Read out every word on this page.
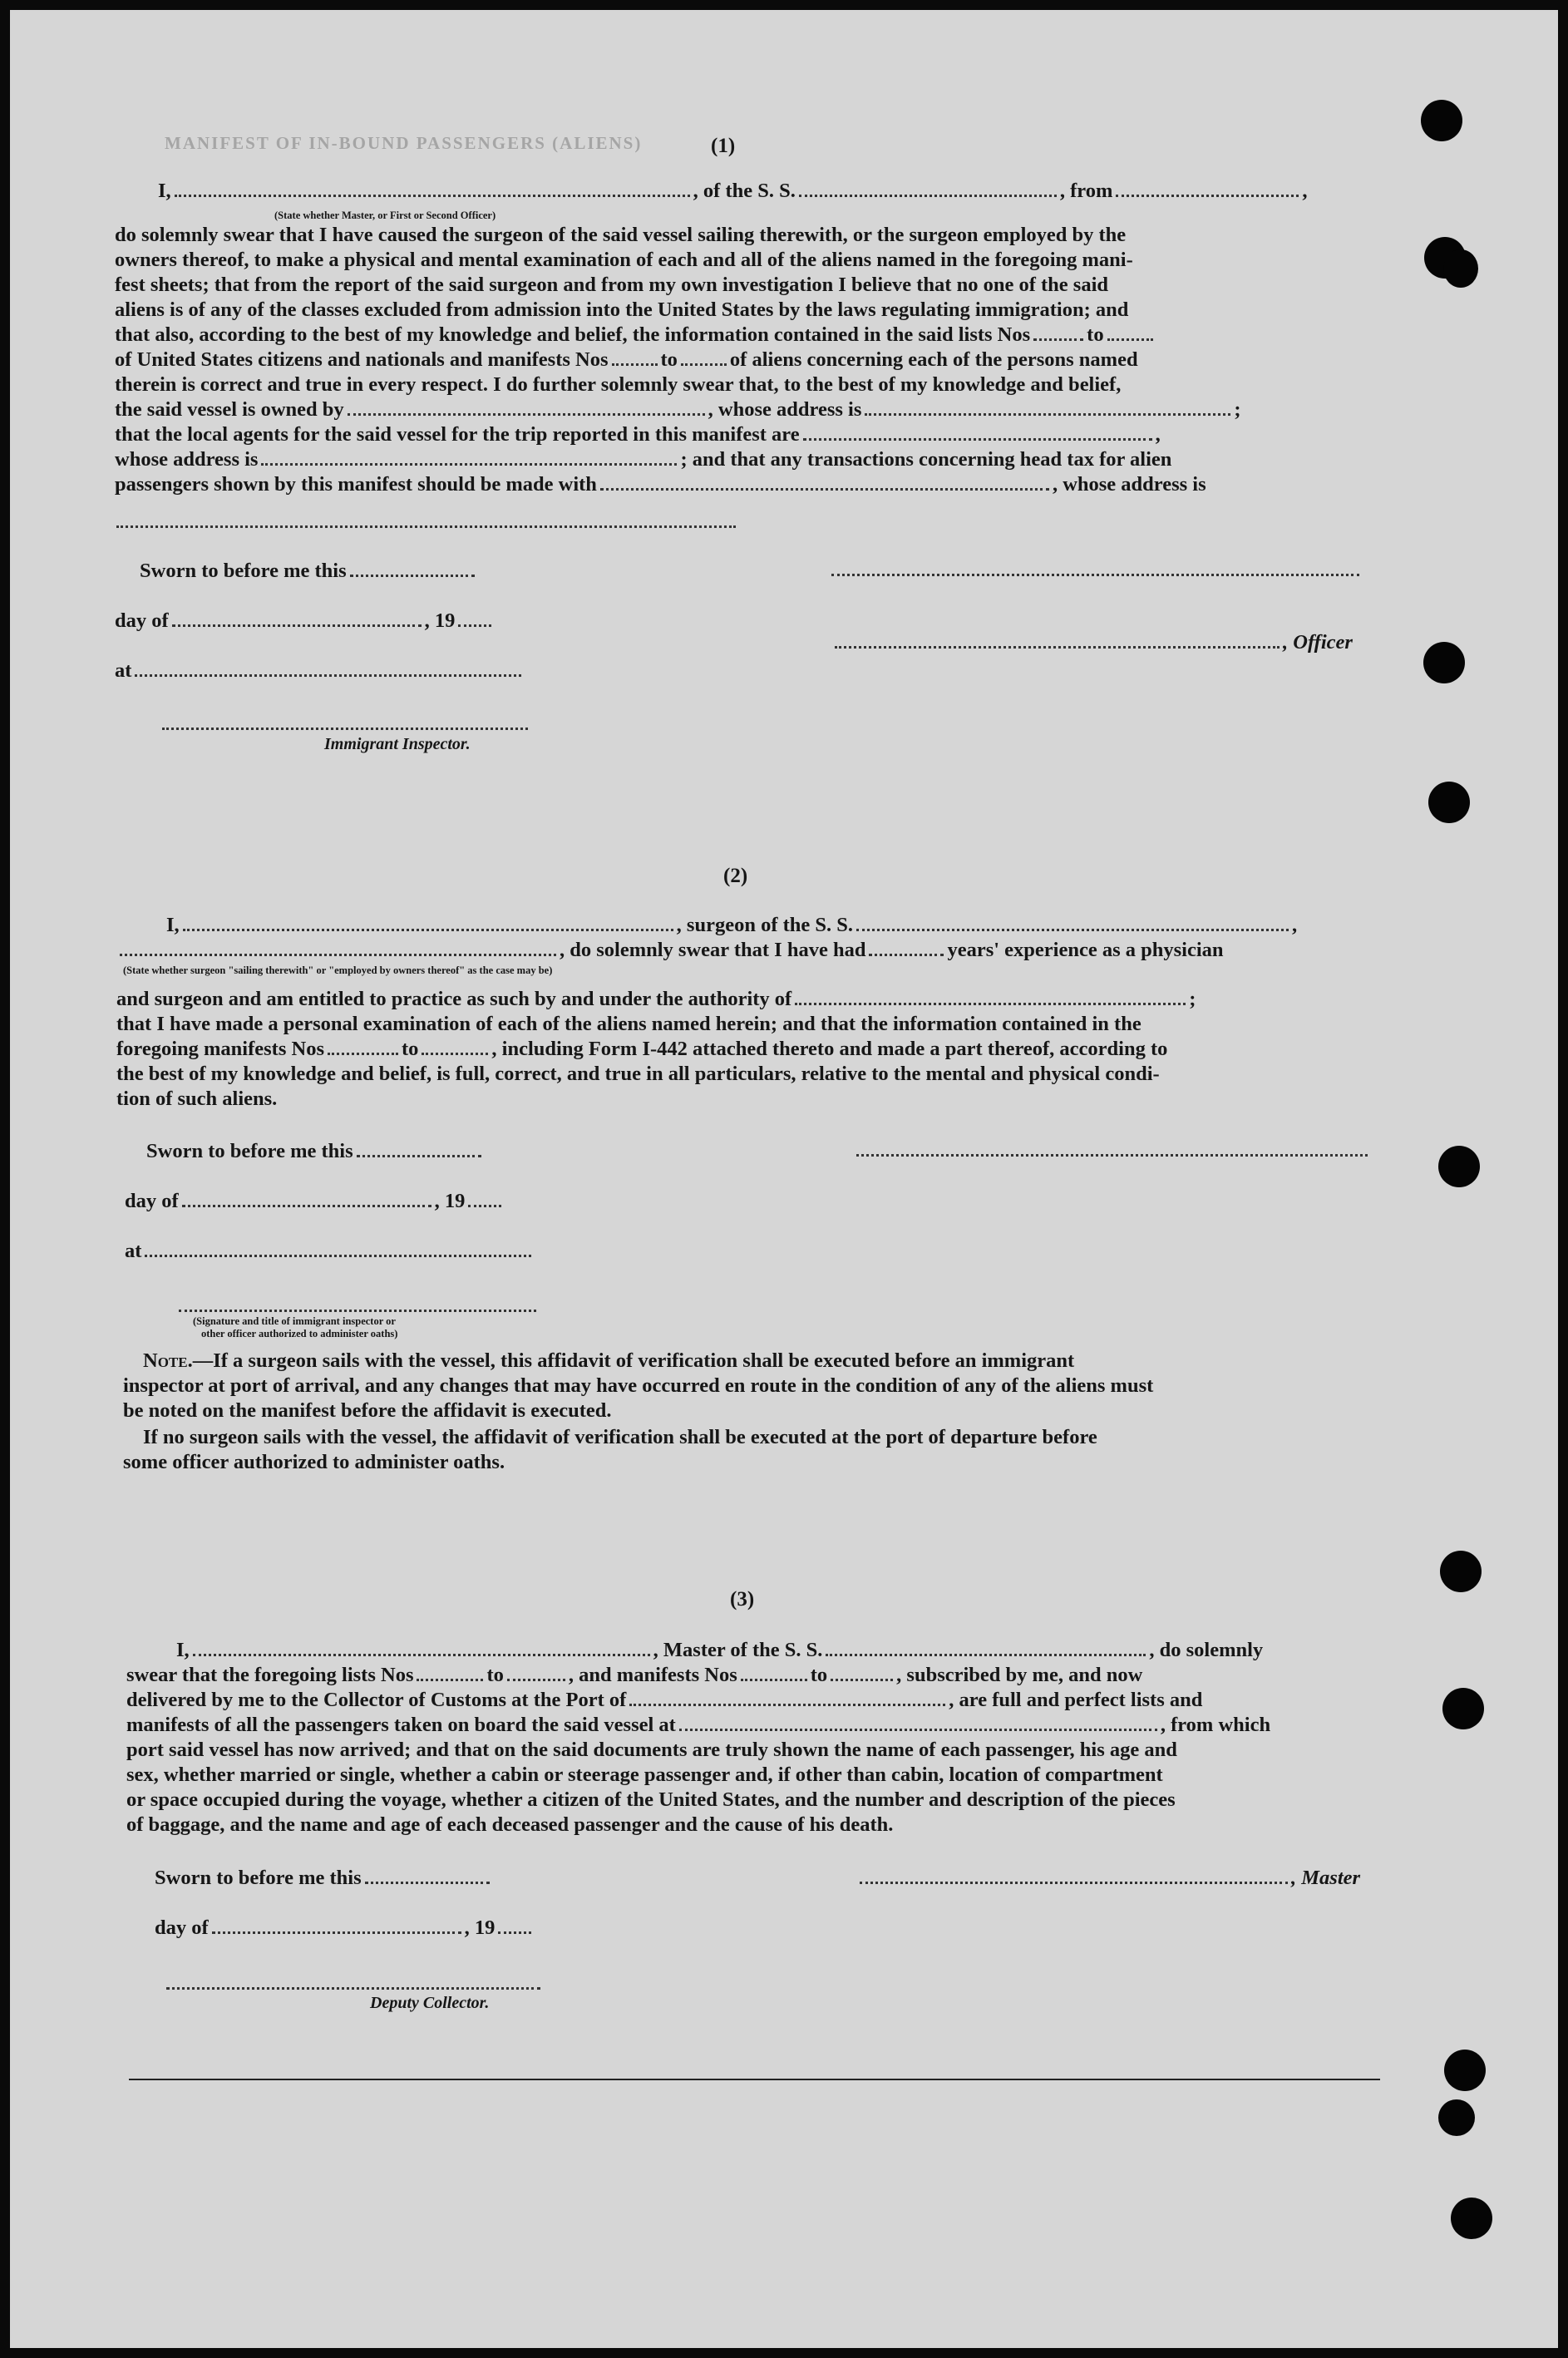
MANIFEST OF IN-BOUND PASSENGERS (ALIENS)	(1)
I,	, of the S. S.	, from	,
(State whether Master, or First or Second Officer)
do solemnly swear that I have caused the surgeon of the said vessel sailing therewith, or the surgeon employed by the
owners thereof, to make a physical and mental examination of each and all of the aliens named in the foregoing mani-
fest sheets; that from the report of the said surgeon and from my own investigation I believe that no one of the said
aliens is of any of the classes excluded from admission into the United States by the laws regulating immigration; and
that also, according to the best of my knowledge and belief, the information contained in the said lists Nos	to
of United States citizens and nationals and manifests Nos	to	of aliens concerning each of the persons named
therein is correct and true in every respect. I do further solemnly swear that, to the best of my knowledge and belief,
the said vessel is owned by	, whose address is	;
that the local agents for the said vessel for the trip reported in this manifest are	,
whose address is	; and that any transactions concerning head tax for alien
passengers shown by this manifest should be made with	, whose address is
Sworn to before me this
day of	, 19
, Officer
at
Immigrant Inspector.
(2)
I,	, surgeon of the S. S.	,
, do solemnly swear that I have had	years' experience as a physician
(State whether surgeon "sailing therewith" or "employed by owners thereof" as the case may be)
and surgeon and am entitled to practice as such by and under the authority of	;
that I have made a personal examination of each of the aliens named herein; and that the information contained in the
foregoing manifests Nos	to	, including Form I-442 attached thereto and made a part thereof, according to
the best of my knowledge and belief, is full, correct, and true in all particulars, relative to the mental and physical condi-
tion of such aliens.
Sworn to before me this
day of	, 19
at
(Signature and title of immigrant inspector or
other officer authorized to administer oaths)
Note.—If a surgeon sails with the vessel, this affidavit of verification shall be executed before an immigrant
inspector at port of arrival, and any changes that may have occurred en route in the condition of any of the aliens must
be noted on the manifest before the affidavit is executed.
If no surgeon sails with the vessel, the affidavit of verification shall be executed at the port of departure before
some officer authorized to administer oaths.
(3)
I,	, Master of the S. S.	, do solemnly
swear that the foregoing lists Nos	to	, and manifests Nos	to	, subscribed by me, and now
delivered by me to the Collector of Customs at the Port of	, are full and perfect lists and
manifests of all the passengers taken on board the said vessel at	, from which
port said vessel has now arrived; and that on the said documents are truly shown the name of each passenger, his age and
sex, whether married or single, whether a cabin or steerage passenger and, if other than cabin, location of compartment
or space occupied during the voyage, whether a citizen of the United States, and the number and description of the pieces
of baggage, and the name and age of each deceased passenger and the cause of his death.
Sworn to before me this	, Master
day of	, 19
Deputy Collector.
